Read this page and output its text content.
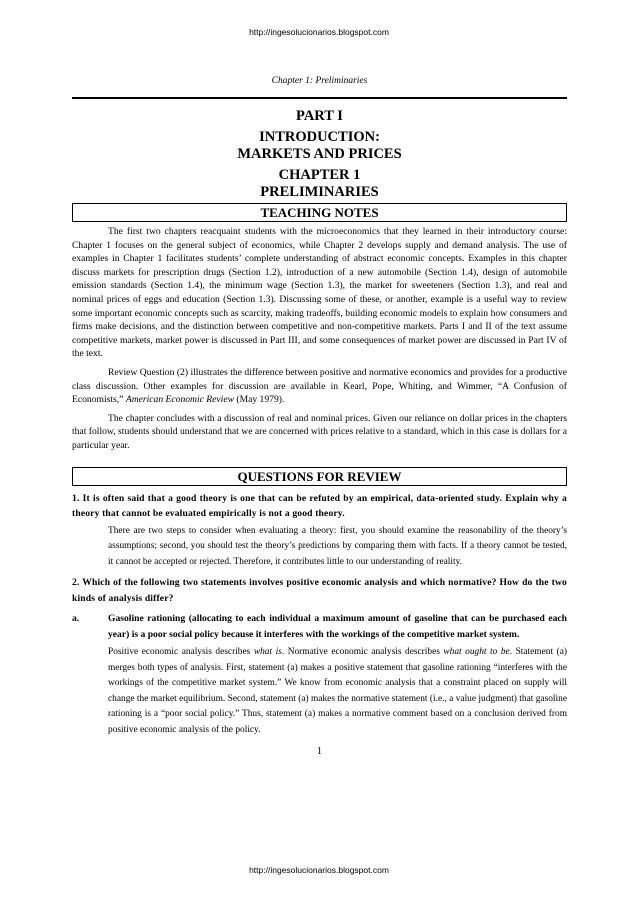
http://ingesolucionarios.blogspot.com
Chapter 1: Preliminaries
PART I
INTRODUCTION:
MARKETS AND PRICES
CHAPTER 1
PRELIMINARIES
TEACHING NOTES

The first two chapters reacquaint students with the microeconomics that they learned in their introductory course: Chapter 1 focuses on the general subject of economics, while Chapter 2 develops supply and demand analysis. The use of examples in Chapter 1 facilitates students’ complete understanding of abstract economic concepts. Examples in this chapter discuss markets for prescription drugs (Section 1.2), introduction of a new automobile (Section 1.4), design of automobile emission standards (Section 1.4), the minimum wage (Section 1.3), the market for sweeteners (Section 1.3), and real and nominal prices of eggs and education (Section 1.3). Discussing some of these, or another, example is a useful way to review some important economic concepts such as scarcity, making tradeoffs, building economic models to explain how consumers and firms make decisions, and the distinction between competitive and non-competitive markets. Parts I and II of the text assume competitive markets, market power is discussed in Part III, and some consequences of market power are discussed in Part IV of the text.

Review Question (2) illustrates the difference between positive and normative economics and provides for a productive class discussion. Other examples for discussion are available in Kearl, Pope, Whiting, and Wimmer, “A Confusion of Economists,” American Economic Review (May 1979).

The chapter concludes with a discussion of real and nominal prices. Given our reliance on dollar prices in the chapters that follow, students should understand that we are concerned with prices relative to a standard, which in this case is dollars for a particular year.

QUESTIONS FOR REVIEW
1. It is often said that a good theory is one that can be refuted by an empirical, data-oriented study. Explain why a theory that cannot be evaluated empirically is not a good theory.
There are two steps to consider when evaluating a theory: first, you should examine the reasonability of the theory’s assumptions; second, you should test the theory’s predictions by comparing them with facts. If a theory cannot be tested, it cannot be accepted or rejected. Therefore, it contributes little to our understanding of reality.
2. Which of the following two statements involves positive economic analysis and which normative? How do the two kinds of analysis differ?
a.	Gasoline rationing (allocating to each individual a maximum amount of gasoline that can be purchased each year) is a poor social policy because it interferes with the workings of the competitive market system.
Positive economic analysis describes what is. Normative economic analysis describes what ought to be. Statement (a) merges both types of analysis. First, statement (a) makes a positive statement that gasoline rationing “interferes with the workings of the competitive market system.” We know from economic analysis that a constraint placed on supply will change the market equilibrium. Second, statement (a) makes the normative statement (i.e., a value judgment) that gasoline rationing is a “poor social policy.” Thus, statement (a) makes a normative comment based on a conclusion derived from positive economic analysis of the policy.
1
http://ingesolucionarios.blogspot.com
